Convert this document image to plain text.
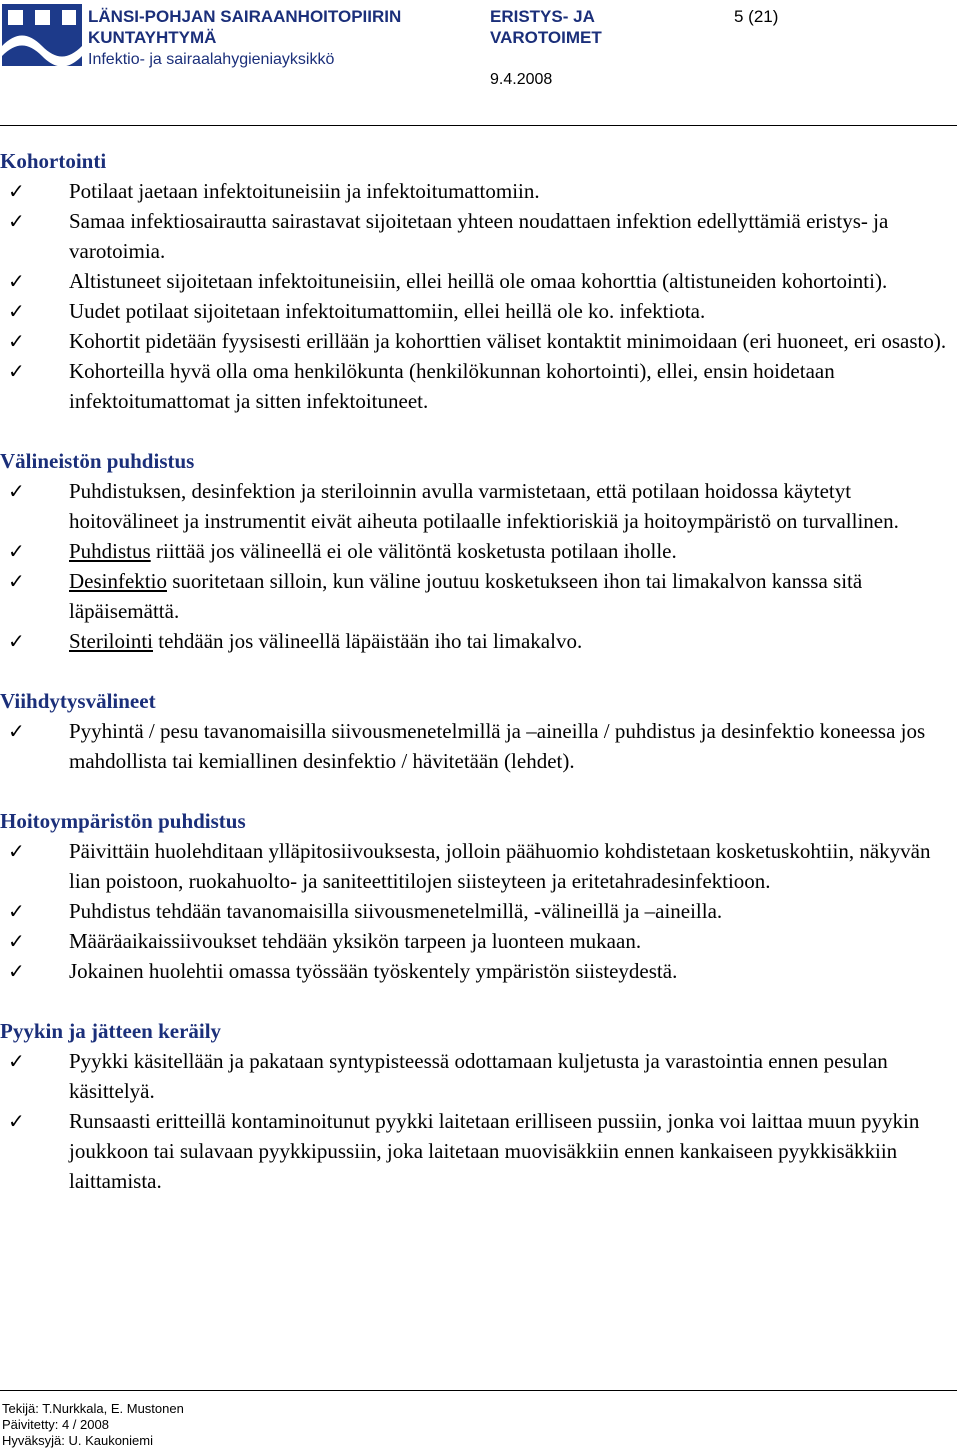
LÄNSI-POHJAN SAIRAANHOITOPIIRIN
KUNTAYHTYMÄ
Infektio- ja sairaalahygieniayksikkö
ERISTYS- JA
VAROTOIMET
5 (21)
9.4.2008
Kohortointi
✓ Potilaat jaetaan infektoituneisiin ja infektoitumattomiin.
✓ Samaa infektiosairautta sairastavat sijoitetaan yhteen noudattaen infektion edellyttämiä eristys- ja varotoimia.
✓ Altistuneet sijoitetaan infektoituneisiin, ellei heillä ole omaa kohorttia (altistuneiden kohortointi).
✓ Uudet potilaat sijoitetaan infektoitumattomiin, ellei heillä ole ko. infektiota.
✓ Kohortit pidetään fyysisesti erillään ja kohorttien väliset kontaktit minimoidaan (eri huoneet, eri osasto).
✓ Kohorteilla hyvä olla oma henkilökunta (henkilökunnan kohortointi), ellei, ensin hoidetaan infektoitumattomat ja sitten infektoituneet.
Välineistön puhdistus
✓ Puhdistuksen, desinfektion ja steriloinnin avulla varmistetaan, että potilaan hoidossa käytetyt hoitovälineet ja instrumentit eivät aiheuta potilaalle infektioriskiä ja hoitoympäristö on turvallinen.
✓ Puhdistus riittää jos välineellä ei ole välitöntä kosketusta potilaan iholle.
✓ Desinfektio suoritetaan silloin, kun väline joutuu kosketukseen ihon tai limakalvon kanssa sitä läpäisemättä.
✓ Sterilointi tehdään jos välineellä läpäistään iho tai limakalvo.
Viihdytysvälineet
✓ Pyyhintä / pesu tavanomaisilla siivousmenetelmillä ja –aineilla / puhdistus ja desinfektio koneessa jos mahdollista tai kemiallinen desinfektio / hävitetään (lehdet).
Hoitoympäristön puhdistus
✓ Päivittäin huolehditaan ylläpitosiivouksesta, jolloin päähuomio kohdistetaan kosketuskohtiin, näkyvän lian poistoon, ruokahuolto- ja saniteettitilojen siisteyteen ja eritetahradesinfektioon.
✓ Puhdistus tehdään tavanomaisilla siivousmenetelmillä, -välineillä ja –aineilla.
✓ Määräaikaissiivoukset tehdään yksikön tarpeen ja luonteen mukaan.
✓ Jokainen huolehtii omassa työssään työskentely ympäristön siisteydestä.
Pyykin ja jätteen keräily
✓ Pyykki käsitellään ja pakataan syntypisteessä odottamaan kuljetusta ja varastointia ennen pesulan käsittelyä.
✓ Runsaasti eritteillä kontaminoitunut pyykki laitetaan erilliseen pussiin, jonka voi laittaa muun pyykin joukkoon tai sulavaan pyykkipussiin, joka laitetaan muovisäkkiin ennen kankaiseen pyykkisäkkiin laittamista.
Tekijä: T.Nurkkala, E. Mustonen
Päivitetty: 4 / 2008
Hyväksyjä: U. Kaukoniemi
